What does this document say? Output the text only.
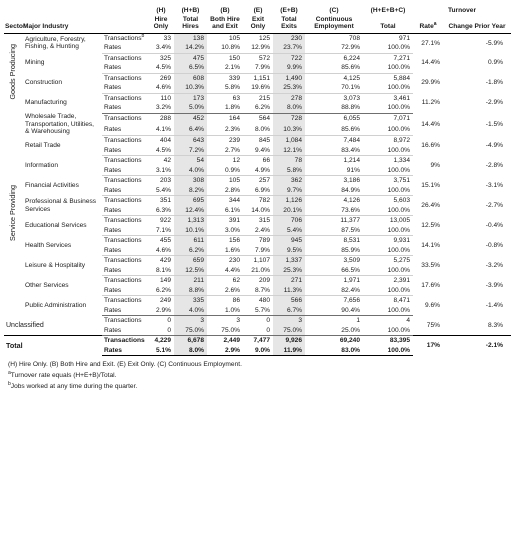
			(H)	(H+B)	(B)	(E)	(E+B)	(C)	(H+E+B+C)	Turnover	
Sector	Major Industry		Hire Only	Total Hires	Both Hire and Exit	Exit Only	Total Exits	Continuous Employment	Total	Rate$^a$	Change Prior Year
Goods Producing	Agriculture, Forestry, Fishing, & Hunting	Transactions$^b$	33	138	105	125	230	708	971	27.1%	-5.9%
		Rates	3.4%	14.2%	10.8%	12.9%	23.7%	72.9%	100.0%		
	Mining	Transactions	325	475	150	572	722	6,224	7,271	14.4%	0.9%
		Rates	4.5%	6.5%	2.1%	7.9%	9.9%	85.6%	100.0%		
	Construction	Transactions	269	608	339	1,151	1,490	4,125	5,884	29.9%	-1.8%
		Rates	4.6%	10.3%	5.8%	19.6%	25.3%	70.1%	100.0%		
	Manufacturing	Transactions	110	173	63	215	278	3,073	3,461	11.2%	-2.9%
		Rates	3.2%	5.0%	1.8%	6.2%	8.0%	88.8%	100.0%		
Service Providing	Wholesale Trade, Transportation, Utilities, & Warehousing	Transactions	288	452	164	564	728	6,055	7,071	14.4%	-1.5%
		Rates	4.1%	6.4%	2.3%	8.0%	10.3%	85.6%	100.0%		
	Retail Trade	Transactions	404	643	239	845	1,084	7,484	8,972	16.6%	-4.9%
		Rates	4.5%	7.2%	2.7%	9.4%	12.1%	83.4%	100.0%		
	Information	Transactions	42	54	12	66	78	1,214	1,334	9%	-2.8%
		Rates	3.1%	4.0%	0.9%	4.9%	5.8%	91%	100.0%		
	Financial Activities	Transactions	203	308	105	257	362	3,186	3,751	15.1%	-3.1%
		Rates	5.4%	8.2%	2.8%	6.9%	9.7%	84.9%	100.0%		
	Professional & Business Services	Transactions	351	695	344	782	1,126	4,126	5,603	26.4%	-2.7%
		Rates	6.3%	12.4%	6.1%	14.0%	20.1%	73.6%	100.0%		
	Educational Services	Transactions	922	1,313	391	315	706	11,377	13,005	12.5%	-0.4%
		Rates	7.1%	10.1%	3.0%	2.4%	5.4%	87.5%	100.0%		
	Health Services	Transactions	455	611	156	789	945	8,531	9,931	14.1%	-0.8%
		Rates	4.6%	6.2%	1.6%	7.9%	9.5%	85.9%	100.0%		
	Leisure & Hospitality	Transactions	429	659	230	1,107	1,337	3,509	5,275	33.5%	-3.2%
		Rates	8.1%	12.5%	4.4%	21.0%	25.3%	66.5%	100.0%		
	Other Services	Transactions	149	211	62	209	271	1,971	2,391	17.6%	-3.9%
		Rates	6.2%	8.8%	2.6%	8.7%	11.3%	82.4%	100.0%		
	Public Administration	Transactions	249	335	86	480	566	7,656	8,471	9.6%	-1.4%
		Rates	2.9%	4.0%	1.0%	5.7%	6.7%	90.4%	100.0%		
Unclassified		Transactions	0	3	3	0	3	1	4	75%	8.3%
		Rates	0	75.0%	75.0%	0	75.0%	25.0%	100.0%		
Total		Transactions	4,229	6,678	2,449	7,477	9,926	69,240	83,395	17%	-2.1%
		Rates	5.1%	8.0%	2.9%	9.0%	11.9%	83.0%	100.0%		
(H) Hire Only. (B) Both Hire and Exit. (E) Exit Only. (C) Continuous Employment.
$^a$Turnover rate equals (H+E+B)/Total.
$^b$Jobs worked at any time during the quarter.
